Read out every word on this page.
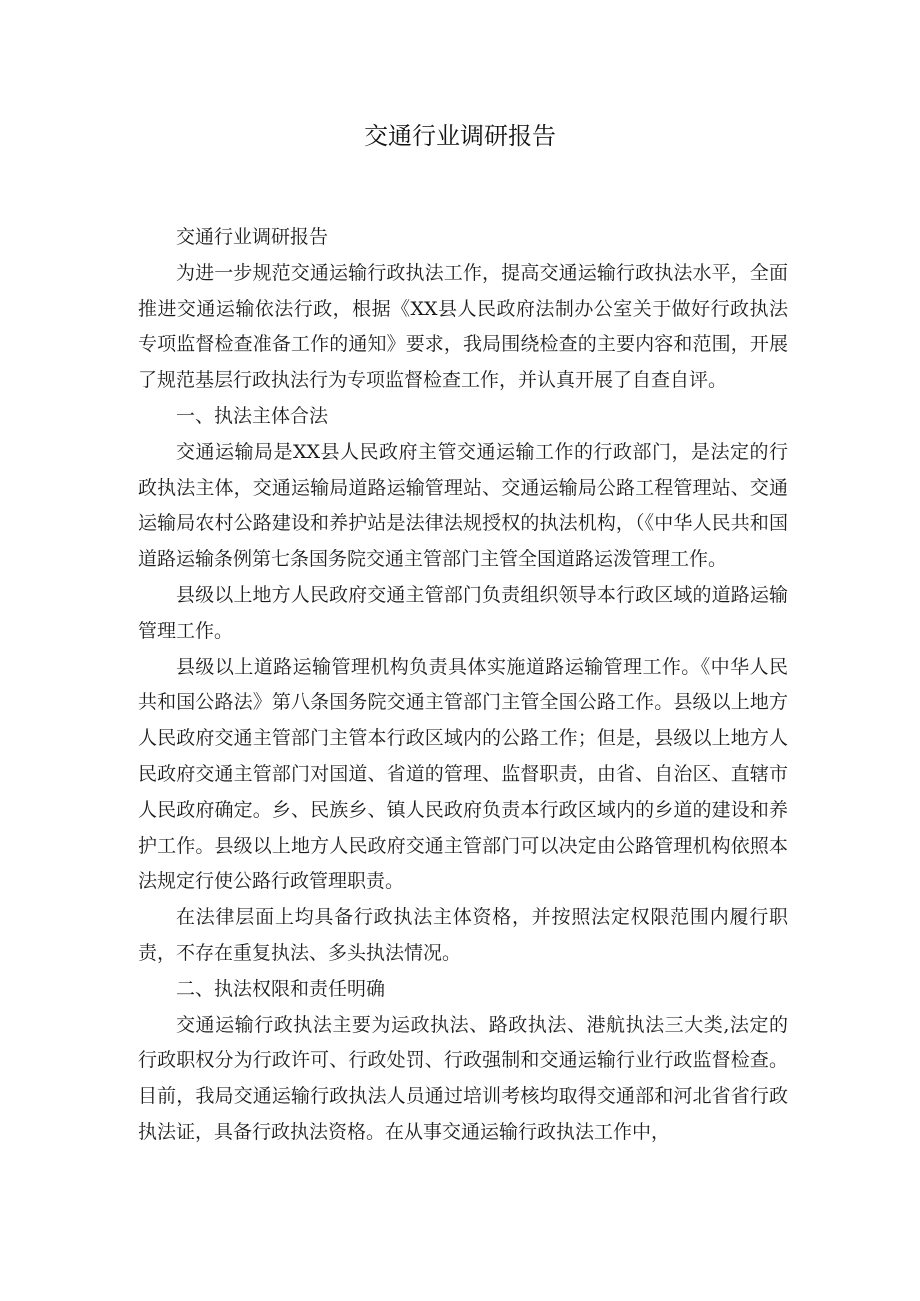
交通行业调研报告

交通行业调研报告

为进一步规范交通运输行政执法工作，提高交通运输行政执法水平，全面推进交通运输依法行政，根据《XX县人民政府法制办公室关于做好行政执法专项监督检查准备工作的通知》要求，我局围绕检查的主要内容和范围，开展了规范基层行政执法行为专项监督检查工作，并认真开展了自查自评。

一、执法主体合法

交通运输局是XX县人民政府主管交通运输工作的行政部门，是法定的行政执法主体，交通运输局道路运输管理站、交通运输局公路工程管理站、交通运输局农村公路建设和养护站是法律法规授权的执法机构，（《中华人民共和国道路运输条例第七条国务院交通主管部门主管全国道路运泼管理工作。

县级以上地方人民政府交通主管部门负责组织领导本行政区域的道路运输管理工作。

县级以上道路运输管理机构负责具体实施道路运输管理工作。《中华人民共和国公路法》第八条国务院交通主管部门主管全国公路工作。县级以上地方人民政府交通主管部门主管本行政区域内的公路工作；但是，县级以上地方人民政府交通主管部门对国道、省道的管理、监督职责，由省、自治区、直辖市人民政府确定。乡、民族乡、镇人民政府负责本行政区域内的乡道的建设和养护工作。县级以上地方人民政府交通主管部门可以决定由公路管理机构依照本法规定行使公路行政管理职责。

在法律层面上均具备行政执法主体资格，并按照法定权限范围内履行职责，不存在重复执法、多头执法情况。

二、执法权限和责任明确

交通运输行政执法主要为运政执法、路政执法、港航执法三大类,法定的行政职权分为行政许可、行政处罚、行政强制和交通运输行业行政监督检查。目前，我局交通运输行政执法人员通过培训考核均取得交通部和河北省省行政执法证，具备行政执法资格。在从事交通运输行政执法工作中，
